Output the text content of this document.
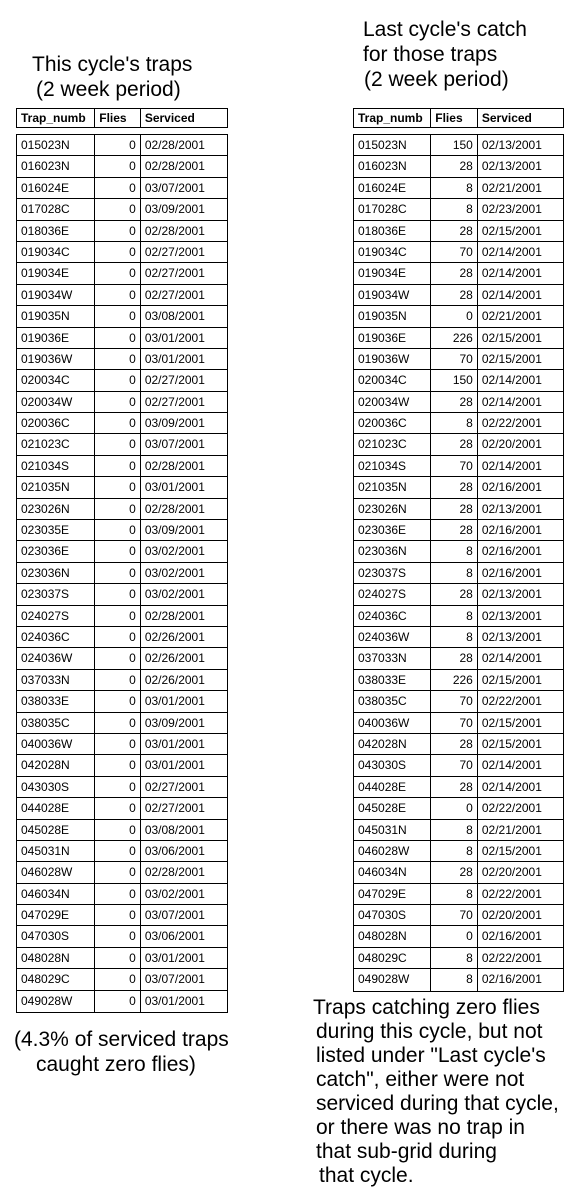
This cycle's traps
(2 week period)
Last cycle's catch
for those traps
(2 week period)
Trap_numb	Flies	Serviced
015023N	0 02/28/2001
016023N	0 02/28/2001
016024E	0 03/07/2001
017028C	0 03/09/2001
018036E	0 02/28/2001
019034C	0 02/27/2001
019034E	0 02/27/2001
019034W	0 02/27/2001
019035N	0 03/08/2001
019036E	0 03/01/2001
019036W	0 03/01/2001
020034C	0 02/27/2001
020034W	0 02/27/2001
020036C	0 03/09/2001
021023C	0 03/07/2001
021034S	0 02/28/2001
021035N	0 03/01/2001
023026N	0 02/28/2001
023035E	0 03/09/2001
023036E	0 03/02/2001
023036N	0 03/02/2001
023037S	0 03/02/2001
024027S	0 02/28/2001
024036C	0 02/26/2001
024036W	0 02/26/2001
037033N	0 02/26/2001
038033E	0 03/01/2001
038035C	0 03/09/2001
040036W	0 03/01/2001
042028N	0 03/01/2001
043030S	0 02/27/2001
044028E	0 02/27/2001
045028E	0 03/08/2001
045031N	0 03/06/2001
046028W	0 02/28/2001
046034N	0 03/02/2001
047029E	0 03/07/2001
047030S	0 03/06/2001
048028N	0 03/01/2001
048029C	0 03/07/2001
049028W	0 03/01/2001
Trap_numb	Flies	Serviced
015023N	150 02/13/2001
016023N	28 02/13/2001
016024E	8 02/21/2001
017028C	8 02/23/2001
018036E	28 02/15/2001
019034C	70 02/14/2001
019034E	28 02/14/2001
019034W	28 02/14/2001
019035N	0 02/21/2001
019036E	226 02/15/2001
019036W	70 02/15/2001
020034C	150 02/14/2001
020034W	28 02/14/2001
020036C	8 02/22/2001
021023C	28 02/20/2001
021034S	70 02/14/2001
021035N	28 02/16/2001
023026N	28 02/13/2001
023036E	28 02/16/2001
023036N	8 02/16/2001
023037S	8 02/16/2001
024027S	28 02/13/2001
024036C	8 02/13/2001
024036W	8 02/13/2001
037033N	28 02/14/2001
038033E	226 02/15/2001
038035C	70 02/22/2001
040036W	70 02/15/2001
042028N	28 02/15/2001
043030S	70 02/14/2001
044028E	28 02/14/2001
045028E	0 02/22/2001
045031N	8 02/21/2001
046028W	8 02/15/2001
046034N	28 02/20/2001
047029E	8 02/22/2001
047030S	70 02/20/2001
048028N	0 02/16/2001
048029C	8 02/22/2001
049028W	8 02/16/2001
(4.3% of serviced traps
caught zero flies)
Traps catching zero flies
during this cycle, but not
listed under "Last cycle's
catch", either were not
serviced during that cycle,
or there was no trap in
that sub-grid during
that cycle.
